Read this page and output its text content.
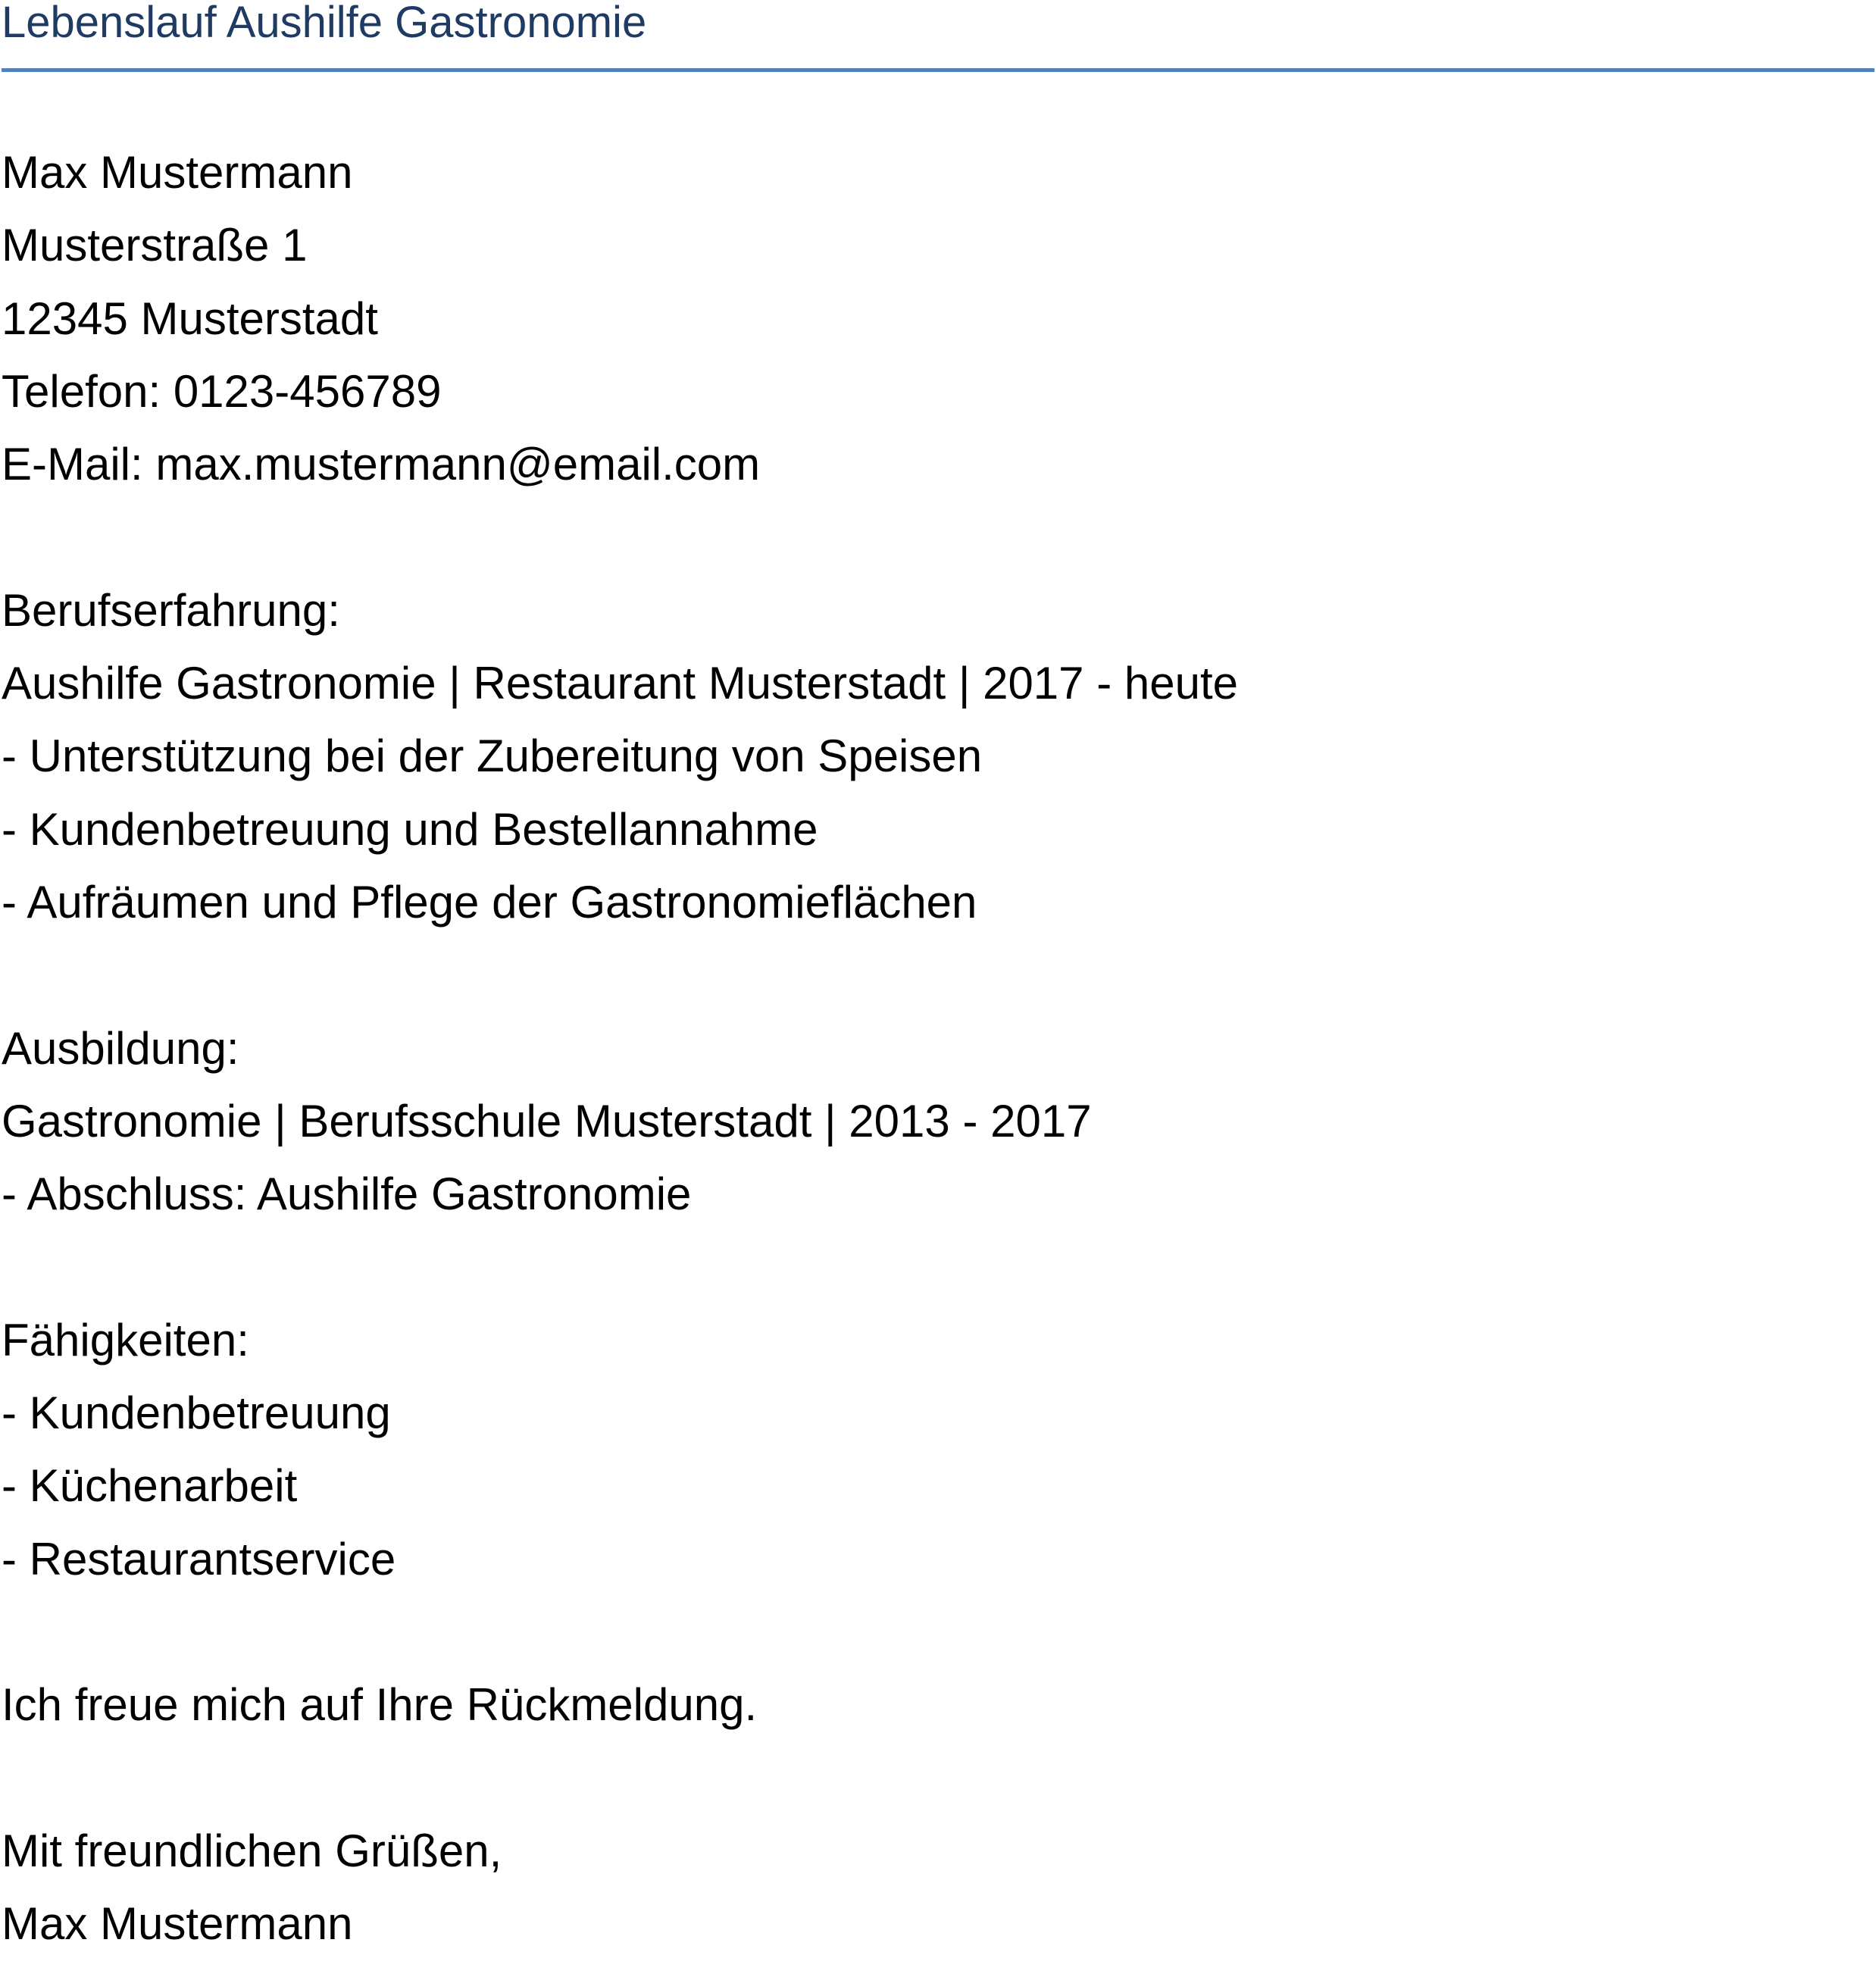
Lebenslauf Aushilfe Gastronomie

Max Mustermann

Musterstraße 1

12345 Musterstadt

Telefon: 0123-456789

E-Mail: max.mustermann@email.com

Berufserfahrung:

Aushilfe Gastronomie | Restaurant Musterstadt | 2017 - heute

- Unterstützung bei der Zubereitung von Speisen

- Kundenbetreuung und Bestellannahme

- Aufräumen und Pflege der Gastronomieflächen

Ausbildung:

Gastronomie | Berufsschule Musterstadt | 2013 - 2017

- Abschluss: Aushilfe Gastronomie

Fähigkeiten:

- Kundenbetreuung

- Küchenarbeit

- Restaurantservice

Ich freue mich auf Ihre Rückmeldung.

Mit freundlichen Grüßen,

Max Mustermann
